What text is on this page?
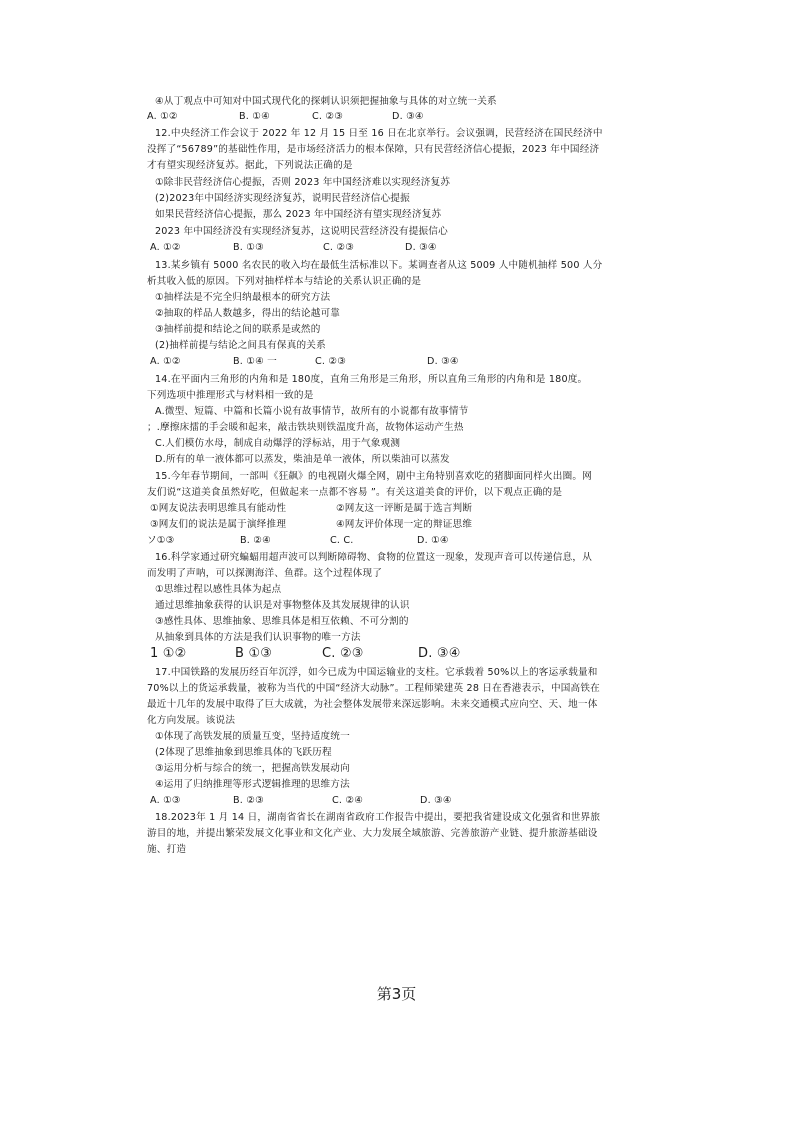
④从丁观点中可知对中国式现代化的探刺认识须把握抽象与具体的对立统一关系
A. ①②	B. ①④	C. ②③	D. ③④
12.中央经济工作会议于 2022 年 12 月 15 日至 16 日在北京举行。会议强调，民营经济在国民经济中
没挥了“56789”的基础性作用，是市场经济活力的根本保障，只有民营经济信心提振，2023 年中国经济
才有望实现经济复苏。据此，下列说法正确的是
①除非民营经济信心提振，否则 2023 年中国经济难以实现经济复苏
(2)2023年中国经济实现经济复苏，说明民营经济信心提振
如果民营经济信心提振，那么 2023 年中国经济有望实现经济复苏
2023 年中国经济没有实现经济复苏，这说明民营经济没有提振信心
A. ①②	B. ①③	C. ②③	D. ③④
13.某乡镇有 5000 名农民的收入均在最低生活标准以下。某调查者从这 5009 人中随机抽样 500 人分
析其收入低的原因。下列对抽样样本与结论的关系认识正确的是
①抽样法是不完全归纳最根本的研究方法
②抽取的样品人数越多，得出的结论越可靠
③抽样前提和结论之间的联系是或然的
(2)抽样前提与结论之间具有保真的关系
A. ①②	B. ①④ 一	C. ②③	D. ③④
14.在平面内三角形的内角和是 180度，直角三角形是三角形，所以直角三角形的内角和是 180度。
下列选项中推理形式与材料相一致的是
A.微型、短篇、中篇和长篇小说有故事情节，故所有的小说都有故事情节
；.摩擦床擂的手会暖和起来，敲击铁块则铁温度升高，故物体运动产生热
C.人们模仿水母，制成自动爆浮的浮标站，用于气象观测
D.所有的单一液体都可以蒸发，柴油是单一液体，所以柴油可以蒸发
15.今年春节期间，一部叫《狂飙》的电视剧火爆全网，剧中主角特别喜欢吃的猪脚面同样火出圈。网
友们说“这道美食虽然好吃，但做起来一点都不容易 ”。有关这道美食的评价，以下观点正确的是
①网友说法表明思维具有能动性	②网友这一评断是属于选言判断
③网友们的说法是属于演绎推理	④网友评价体现一定的辩证思维
ソ①③	B. ②④	C. C.	D. ①④
16.科学家通过研究蝙蝠用超声波可以判断障碍物、食物的位置这一现象，发现声音可以传递信息，从
而发明了声呐，可以探测海洋、鱼群。这个过程体现了
①思维过程以感性具体为起点
通过思维抽象获得的认识是对事物整体及其发展规律的认识
③感性具体、思维抽象、思维具体是相互依赖、不可分割的
从抽象到具体的方法是我们认识事物的唯一方法
1 ①②	B ①③	C. ②③	D. ③④
17.中国铁路的发展历经百年沉浮，如今已成为中国运输业的支柱。它承载着 50%以上的客运承载量和
70%以上的货运承载量，被称为当代的中国“经济大动脉”。工程师梁建英 28 日在香港表示，中国高铁在
最近十几年的发展中取得了巨大成就，为社会整体发展带来深远影响。未来交通模式应向空、天、地一体
化方向发展。该说法
①体现了高铁发展的质量互变，坚持适度统一
(2体现了思维抽象到思维具体的飞跃历程
③运用分析与综合的统一，把握高铁发展动向
④运用了归纳推理等形式逻辑推理的思维方法
A. ①③	B. ②③	C. ②④	D. ③④
18.2023年 1 月 14 日，湖南省省长在湖南省政府工作报告中提出，要把我省建设成文化强省和世界旅
游目的地，并提出繁荣发展文化事业和文化产业、大力发展全域旅游、完善旅游产业链、提升旅游基础设
施、打造
第3页
